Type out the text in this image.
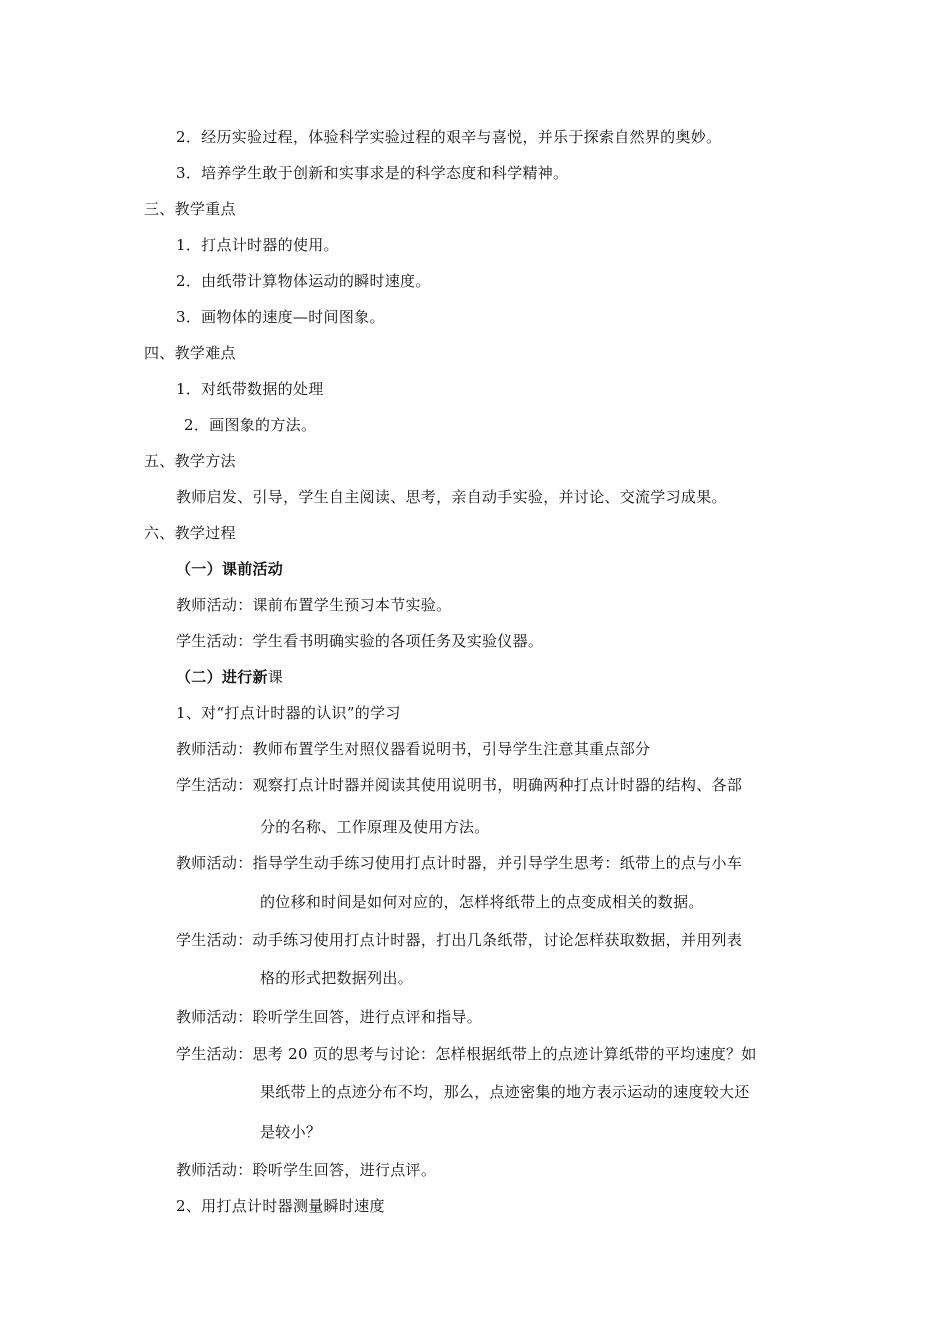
2．经历实验过程，体验科学实验过程的艰辛与喜悦，并乐于探索自然界的奥妙。
3．培养学生敢于创新和实事求是的科学态度和科学精神。
三、教学重点
1．打点计时器的使用。
2．由纸带计算物体运动的瞬时速度。
3．画物体的速度—时间图象。
四、教学难点
1．对纸带数据的处理
2．画图象的方法。
五、教学方法
教师启发、引导，学生自主阅读、思考，亲自动手实验，并讨论、交流学习成果。
六、教学过程
（一）课前活动
教师活动：课前布置学生预习本节实验。
学生活动：学生看书明确实验的各项任务及实验仪器。
（二）进行新课
1、对“打点计时器的认识”的学习
教师活动：教师布置学生对照仪器看说明书，引导学生注意其重点部分
学生活动：观察打点计时器并阅读其使用说明书，明确两种打点计时器的结构、各部
分的名称、工作原理及使用方法。
教师活动：指导学生动手练习使用打点计时器，并引导学生思考：纸带上的点与小车
的位移和时间是如何对应的，怎样将纸带上的点变成相关的数据。
学生活动：动手练习使用打点计时器，打出几条纸带，讨论怎样获取数据，并用列表
格的形式把数据列出。
教师活动：聆听学生回答，进行点评和指导。
学生活动：思考 20 页的思考与讨论：怎样根据纸带上的点迹计算纸带的平均速度？如
果纸带上的点迹分布不均，那么，点迹密集的地方表示运动的速度较大还
是较小？
教师活动：聆听学生回答，进行点评。
2、用打点计时器测量瞬时速度
